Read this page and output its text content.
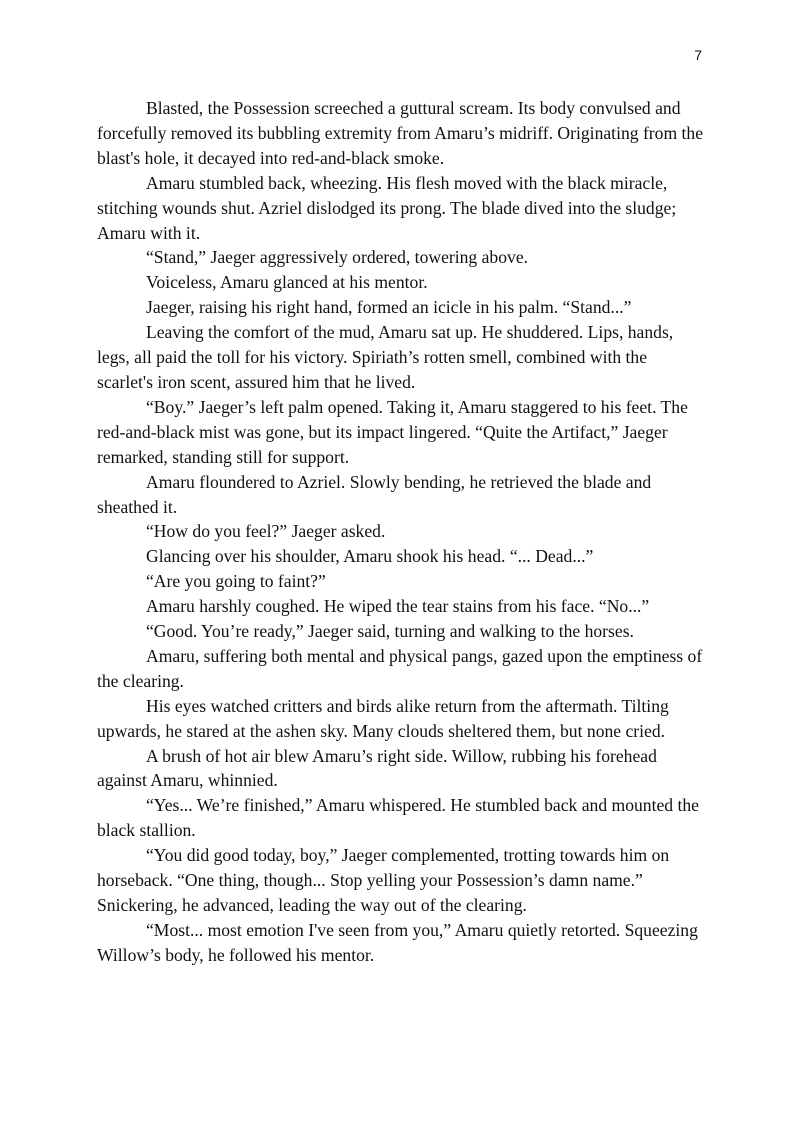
7

Blasted, the Possession screeched a guttural scream. Its body convulsed and forcefully removed its bubbling extremity from Amaru’s midriff. Originating from the blast's hole, it decayed into red-and-black smoke.

Amaru stumbled back, wheezing. His flesh moved with the black miracle, stitching wounds shut. Azriel dislodged its prong. The blade dived into the sludge; Amaru with it.

“Stand,” Jaeger aggressively ordered, towering above.

Voiceless, Amaru glanced at his mentor.

Jaeger, raising his right hand, formed an icicle in his palm. “Stand...”

Leaving the comfort of the mud, Amaru sat up. He shuddered. Lips, hands, legs, all paid the toll for his victory. Spiriath’s rotten smell, combined with the scarlet's iron scent, assured him that he lived.

“Boy.” Jaeger’s left palm opened. Taking it, Amaru staggered to his feet. The red-and-black mist was gone, but its impact lingered. “Quite the Artifact,” Jaeger remarked, standing still for support.

Amaru floundered to Azriel. Slowly bending, he retrieved the blade and sheathed it.

“How do you feel?” Jaeger asked.

Glancing over his shoulder, Amaru shook his head. “... Dead...”

“Are you going to faint?”

Amaru harshly coughed. He wiped the tear stains from his face. “No...”

“Good. You’re ready,” Jaeger said, turning and walking to the horses.

Amaru, suffering both mental and physical pangs, gazed upon the emptiness of the clearing.

His eyes watched critters and birds alike return from the aftermath. Tilting upwards, he stared at the ashen sky. Many clouds sheltered them, but none cried.

A brush of hot air blew Amaru’s right side. Willow, rubbing his forehead against Amaru, whinnied.

“Yes... We’re finished,” Amaru whispered. He stumbled back and mounted the black stallion.

“You did good today, boy,” Jaeger complemented, trotting towards him on horseback. “One thing, though... Stop yelling your Possession’s damn name.” Snickering, he advanced, leading the way out of the clearing.

“Most... most emotion I've seen from you,” Amaru quietly retorted. Squeezing Willow’s body, he followed his mentor.
